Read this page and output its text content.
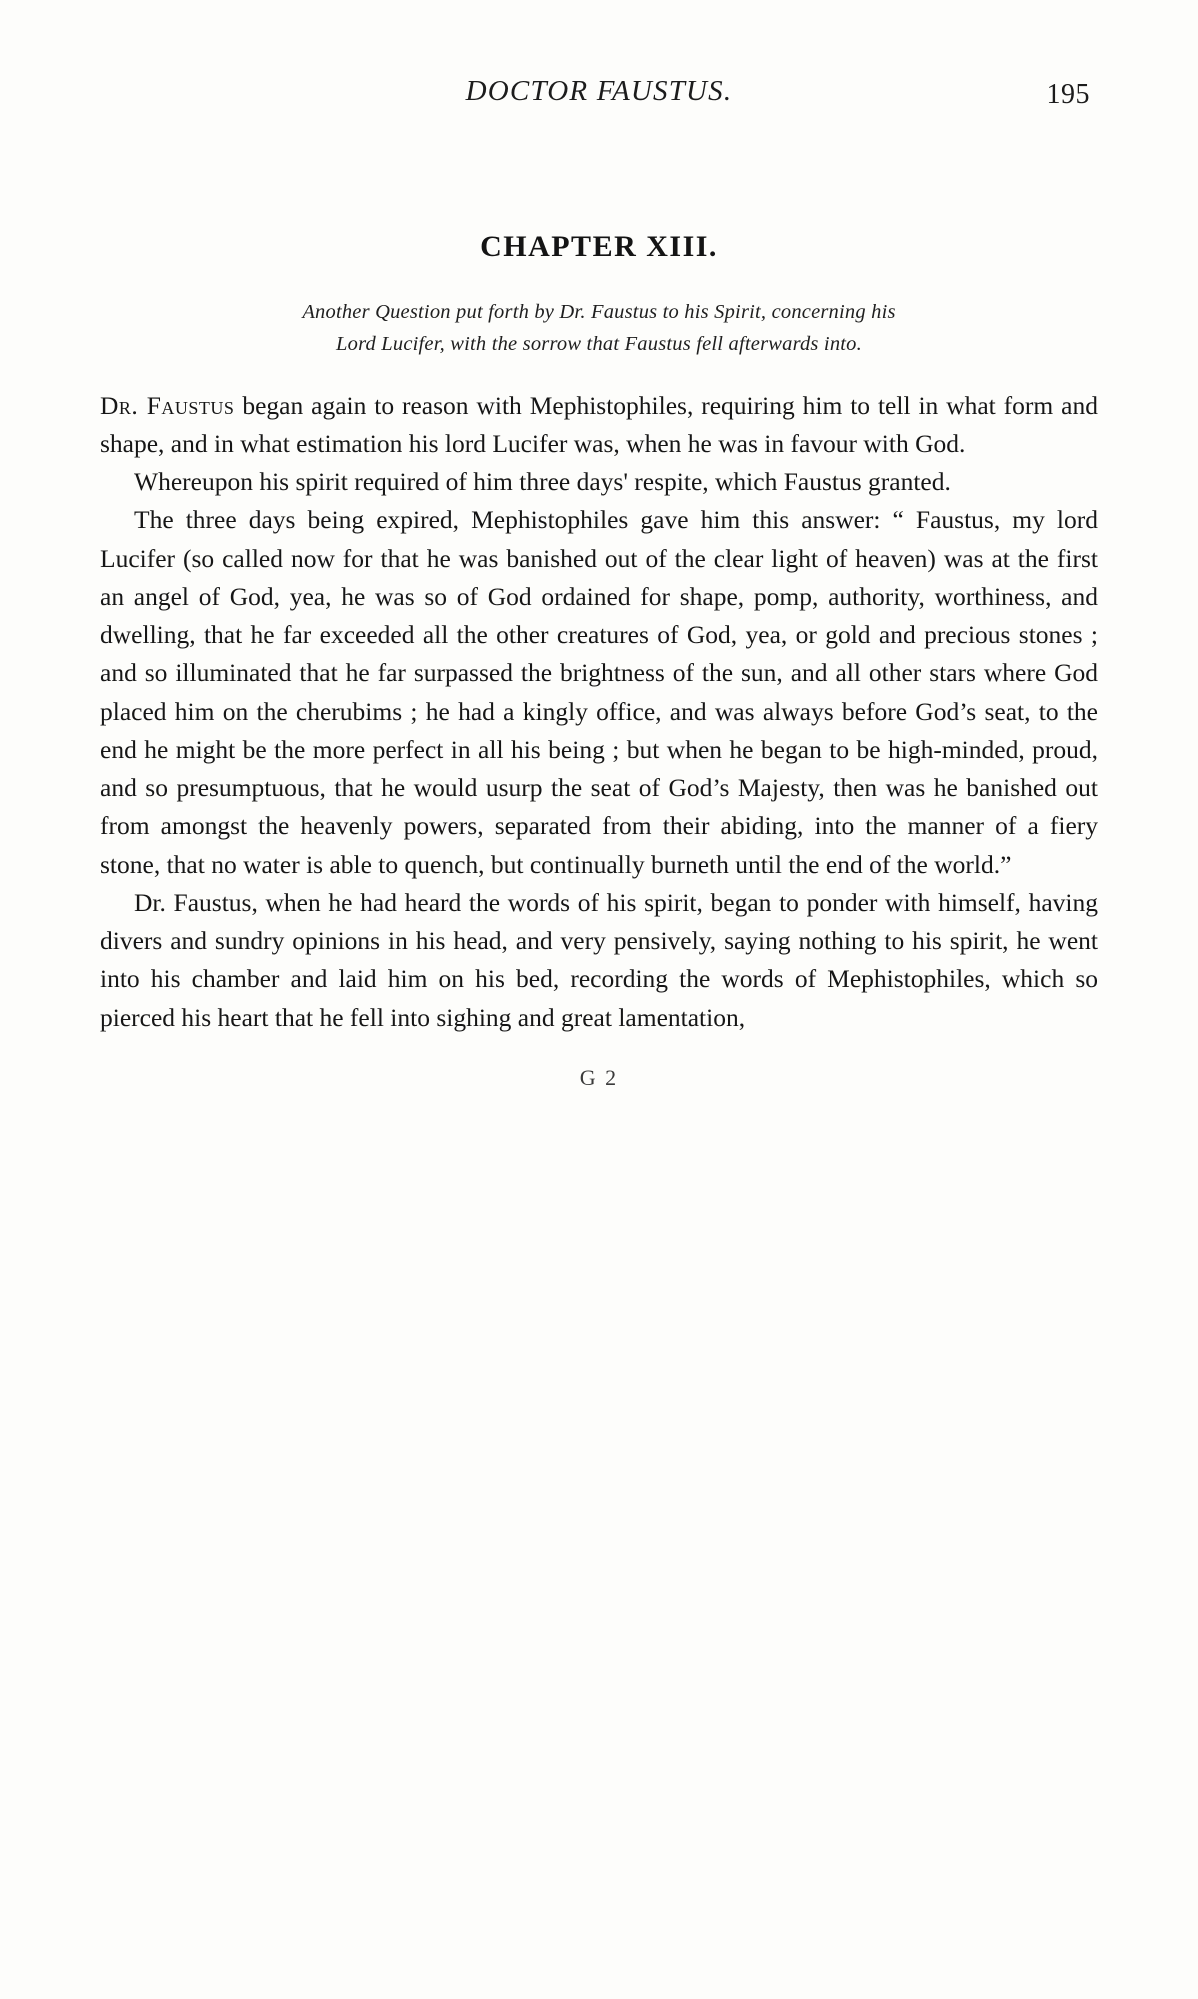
DOCTOR FAUSTUS.	195
CHAPTER XIII.
Another Question put forth by Dr. Faustus to his Spirit, concerning his
Lord Lucifer, with the sorrow that Faustus fell afterwards into.

Dr. Faustus began again to reason with Mephistophiles, requiring him to tell in what form and shape, and in what estimation his lord Lucifer was, when he was in favour with God.

Whereupon his spirit required of him three days' respite, which Faustus granted.

The three days being expired, Mephistophiles gave him this answer: “ Faustus, my lord Lucifer (so called now for that he was banished out of the clear light of heaven) was at the first an angel of God, yea, he was so of God ordained for shape, pomp, authority, worthiness, and dwelling, that he far exceeded all the other creatures of God, yea, or gold and precious stones ; and so illuminated that he far surpassed the brightness of the sun, and all other stars where God placed him on the cherubims ; he had a kingly office, and was always before God’s seat, to the end he might be the more perfect in all his being ; but when he began to be high-minded, proud, and so presumptuous, that he would usurp the seat of God’s Majesty, then was he banished out from amongst the heavenly powers, separated from their abiding, into the manner of a fiery stone, that no water is able to quench, but continually burneth until the end of the world.”

Dr. Faustus, when he had heard the words of his spirit, began to ponder with himself, having divers and sundry opinions in his head, and very pensively, saying nothing to his spirit, he went into his chamber and laid him on his bed, recording the words of Mephistophiles, which so pierced his heart that he fell into sighing and great lamentation,

G 2
